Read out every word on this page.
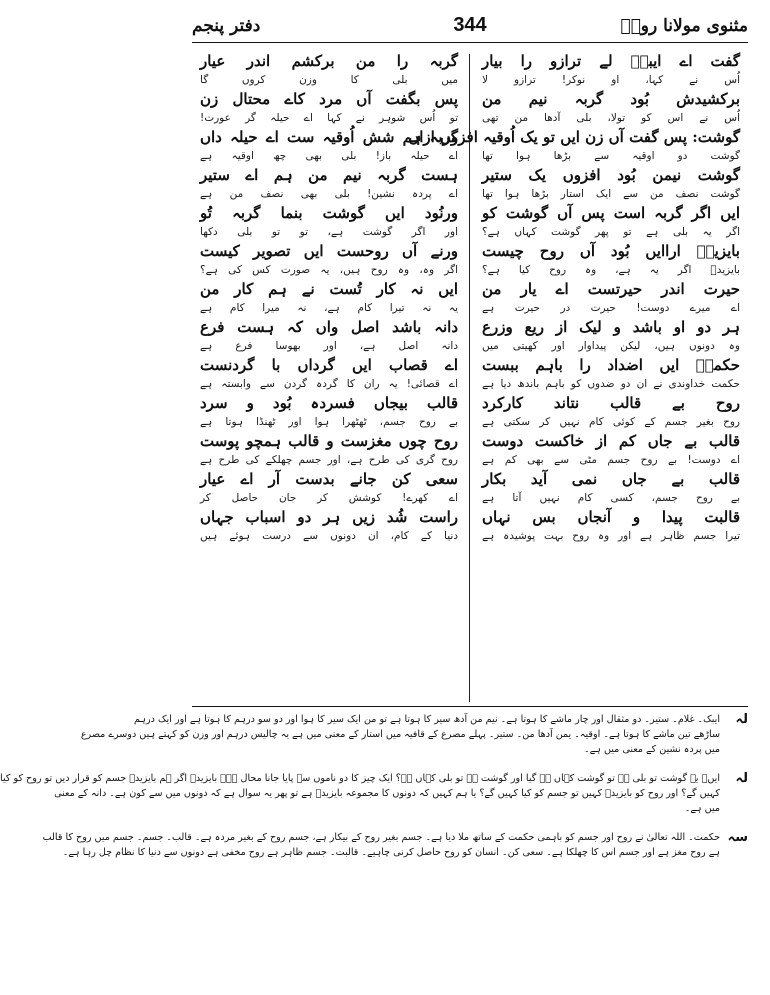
مثنوی مولانا رومؒ
344
دفتر پنجم
گفت اے ایبکؔ لے ترازو را بیار
اُس نے کہا، او نوکر! ترازو لا
برکشیدش بُود گربہ نیم من
اُس نے اس کو تولا، بلی آدھا من تھی
گوشت: پس گفت آں زن ایں تو یک اُوقیہ افزوں ازاں
گوشت دو اوقیہ سے بڑھا ہوا تھا
گوشت نیمن بُود افزوں یک ستیر
گوشت نصف من سے ایک استار بڑھا ہوا تھا
ایں اگر گربہ است پس آں گوشت کو
اگر یہ بلی ہے تو پھر گوشت کہاں ہے؟
بایزیدؒ اراایں بُود آں روح چیست
بایزیدؒ اگر یہ ہے، وہ روح کیا ہے؟
حیرت اندر حیرتست اے یار من
اے میرے دوست! حیرت در حیرت ہے
ہر دو او باشد و لیک از ریع وزرع
وہ دونوں ہیں، لیکن پیداوار اور کھیتی میں
حکمتؔ ایں اضداد را باہم ببست
حکمت خداوندی نے ان دو ضدوں کو باہم باندھ دیا ہے
روح بے قالب نتاند کارکرد
روح بغیر جسم کے کوئی کام نہیں کر سکتی ہے
قالب بے جاں کم از خاکست دوست
اے دوست! بے روح جسم مٹی سے بھی کم ہے
قالب بے جاں نمی آید بکار
بے روح جسم، کسی کام نہیں آتا ہے
قالبت پیدا و آنجاں بس نہاں
تیرا جسم ظاہر ہے اور وہ روح بہت پوشیدہ ہے
گربہ را من برکشم اندر عیار
میں بلی کا وزن کروں گا
پس بگفت آں مرد کاے محتال زن
تو اُس شوہر نے کہا اے حیلہ گر عورت!
گربہ ہم شش اُوقیہ ست اے حیلہ داں
اے حیلہ باز! بلی بھی چھ اوقیہ ہے
ہست گربہ نیم من ہم اے ستیر
اے پردہ نشین! بلی بھی نصف من ہے
ورنُود ایں گوشت بنما گربہ تُو
اور اگر گوشت ہے، تو تو بلی دکھا
ورنے آں روحست ایں تصویر کیست
اگر وہ، وہ روح ہیں، یہ صورت کس کی ہے؟
ایں نہ کار تُست نے ہم کار من
یہ نہ تیرا کام ہے، نہ میرا کام ہے
دانہ باشد اصل واں کہ ہست فرع
دانہ اصل ہے، اور بھوسا فرع ہے
اے قصاب ایں گرداں با گردنست
اے قصائی! یہ ران کا گردہ گردن سے وابستہ ہے
قالب بیجاں فسردہ بُود و سرد
بے روح جسم، ٹھٹھرا ہوا اور ٹھنڈا ہوتا ہے
روح چوں مغزست و قالب ہمچو پوست
روح گری کی طرح ہے، اور جسم چھلکے کی طرح ہے
سعی کن جانے بدست آر اے عیار
اے کھرے! کوشش کر جان حاصل کر
راست شُد زیں ہر دو اسباب جہاں
دنیا کے کام، ان دونوں سے درست ہوئے ہیں
لہ
ایبک۔ غلام۔ ستیر۔ دو مثقال اور چار ماشے کا ہوتا ہے۔ نیم من آدھ سیر کا ہوتا ہے تو من ایک سیر کا ہوا اور دو سو درہم کا ہوتا ہے اور ایک درہم
ساڑھے تین ماشے کا ہوتا ہے۔ اوقیہ۔ یمن آدھا من۔ ستیر۔ پہلے مصرع کے قافیہ میں استار کے معنی میں ہے یہ چالیس درہم اور وزن کو کہتے ہیں دوسرے مصرع
میں پردہ نشین کے معنی میں ہے۔
لہ
ایں۔ یہ گوشت تو بلی ہے تو گوشت کہاں ہے گیا اور گوشت ہے تو بلی کہاں ہے؟ ایک چیز کا دو ناموں سے پایا جانا محال ہے۔ بایزیدؒ اگر ہم بایزیدؒ جسم کو قرار دیں تو روح کو کیا
کہیں گے؟ اور روح کو بایزیدؒ کہیں تو جسم کو کیا کہیں گے؟ یا ہم کہیں کہ دونوں کا مجموعہ بایزیدؒ ہے تو پھر یہ سوال ہے کہ دونوں میں سے کون ہے۔ دانہ کے معنی
میں ہے۔
سہ
حکمت۔ اللہ تعالیٰ نے روح اور جسم کو باہمی حکمت کے ساتھ ملا دیا ہے۔ جسم بغیر روح کے بیکار ہے، جسم روح کے بغیر مردہ ہے۔ قالب۔ جسم۔ جسم میں روح کا قالب
ہے روح مغز ہے اور جسم اس کا چھلکا ہے۔ سعی کن۔ انسان کو روح حاصل کرنی چاہیے۔ قالبت۔ جسم ظاہر ہے روح مخفی ہے دونوں سے دنیا کا نظام چل رہا ہے۔
